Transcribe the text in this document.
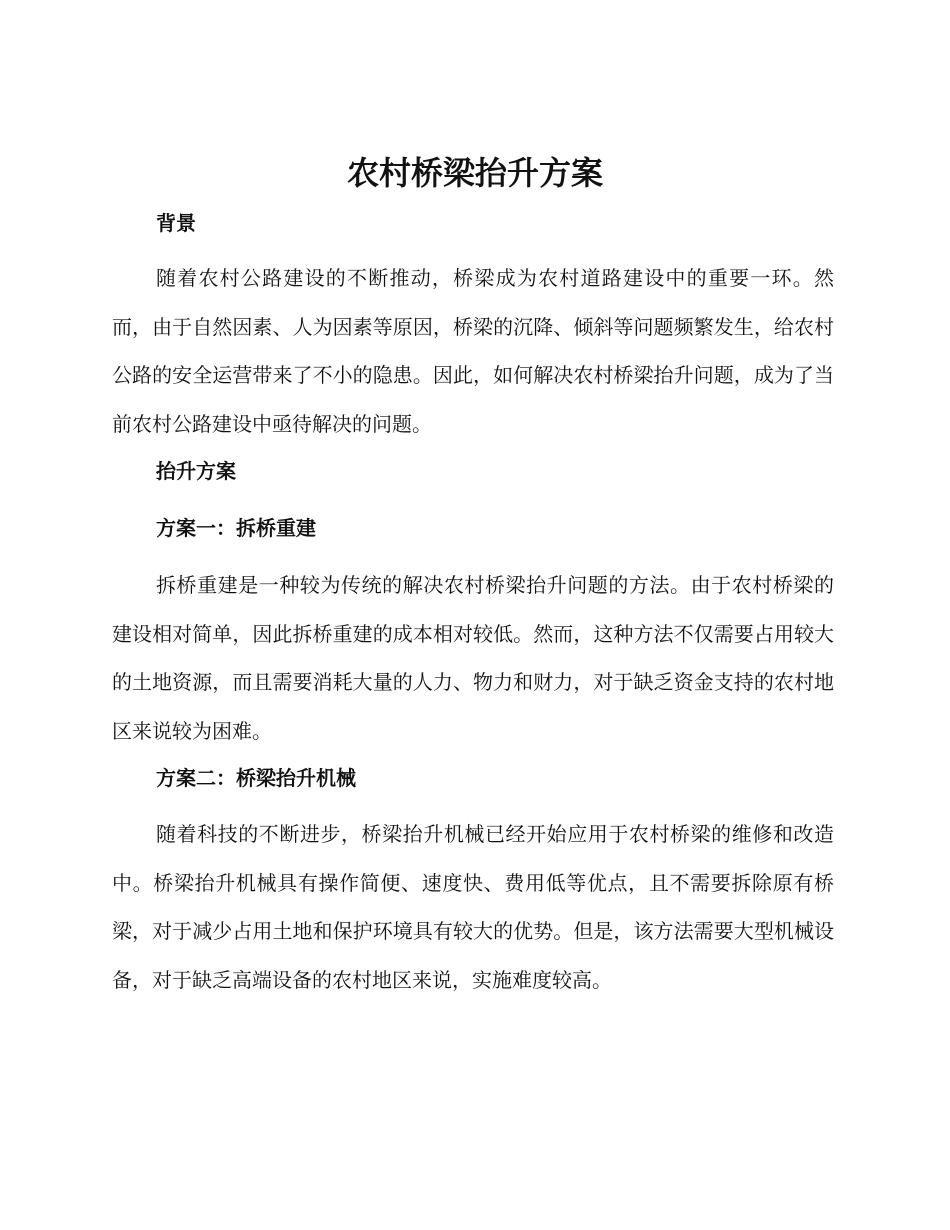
农村桥梁抬升方案
背景

随着农村公路建设的不断推动，桥梁成为农村道路建设中的重要一环。然而，由于自然因素、人为因素等原因，桥梁的沉降、倾斜等问题频繁发生，给农村公路的安全运营带来了不小的隐患。因此，如何解决农村桥梁抬升问题，成为了当前农村公路建设中亟待解决的问题。

抬升方案
方案一：拆桥重建

拆桥重建是一种较为传统的解决农村桥梁抬升问题的方法。由于农村桥梁的建设相对简单，因此拆桥重建的成本相对较低。然而，这种方法不仅需要占用较大的土地资源，而且需要消耗大量的人力、物力和财力，对于缺乏资金支持的农村地区来说较为困难。

方案二：桥梁抬升机械

随着科技的不断进步，桥梁抬升机械已经开始应用于农村桥梁的维修和改造中。桥梁抬升机械具有操作简便、速度快、费用低等优点，且不需要拆除原有桥梁，对于减少占用土地和保护环境具有较大的优势。但是，该方法需要大型机械设备，对于缺乏高端设备的农村地区来说，实施难度较高。
